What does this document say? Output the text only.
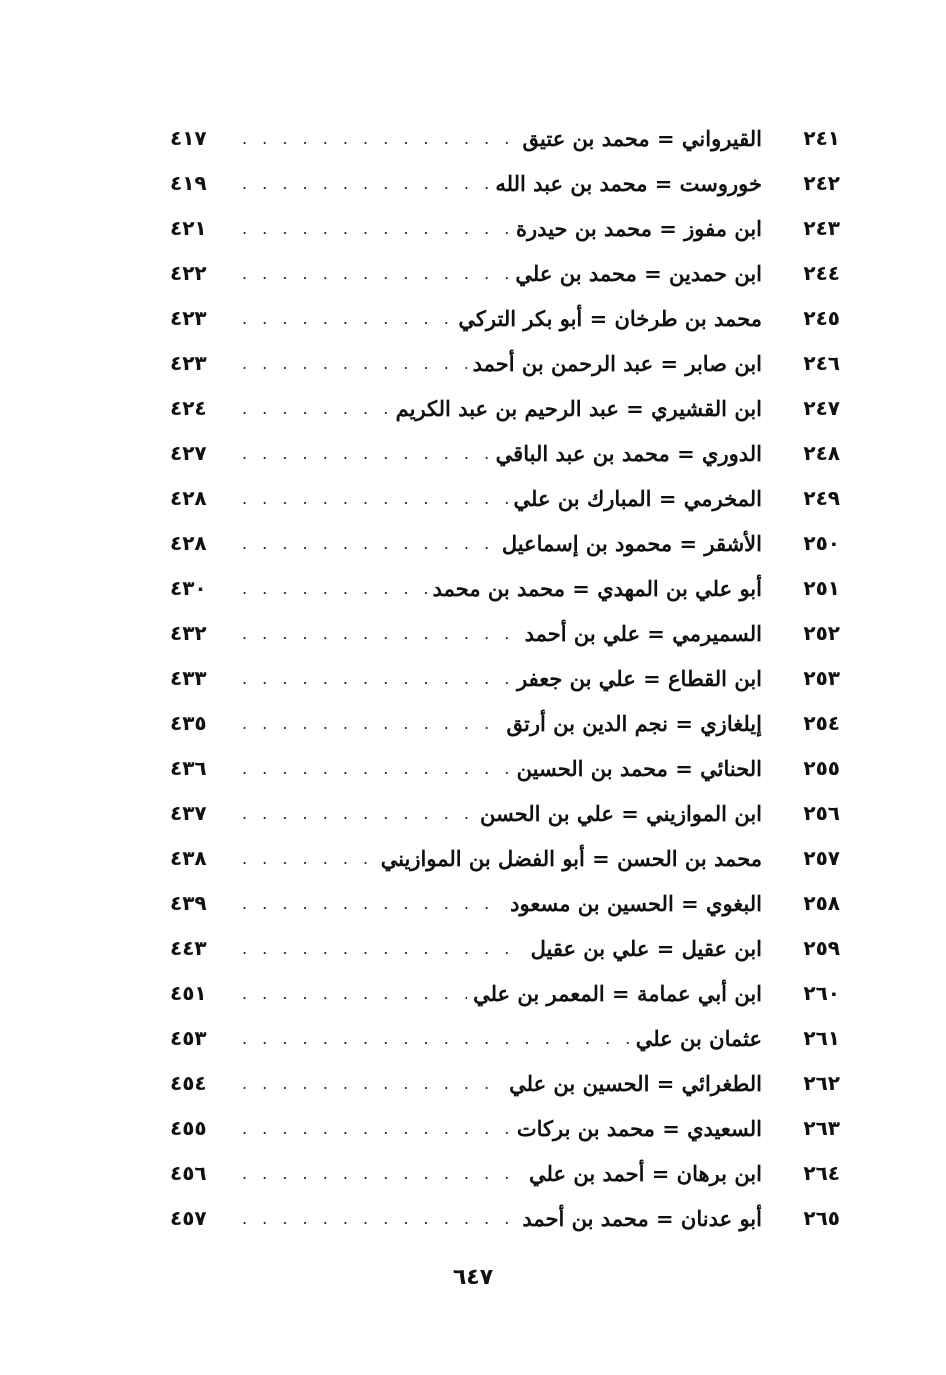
٢٤١
القيرواني = محمد بن عتيق
. . .
٤١٧
٢٤٢
خوروست = محمد بن عبد الله
. . .
٤١٩
٢٤٣
ابن مفوز = محمد بن حيدرة
. . .
٤٢١
٢٤٤
ابن حمدين = محمد بن علي
. . .
٤٢٢
٢٤٥
محمد بن طرخان = أبو بكر التركي
. . .
٤٢٣
٢٤٦
ابن صابر = عبد الرحمن بن أحمد
. . .
٤٢٣
٢٤٧
ابن القشيري = عبد الرحيم بن عبد الكريم
. . .
٤٢٤
٢٤٨
الدوري = محمد بن عبد الباقي
. . .
٤٢٧
٢٤٩
المخرمي = المبارك بن علي
. . .
٤٢٨
٢٥٠
الأشقر = محمود بن إسماعيل
. . .
٤٢٨
٢٥١
أبو علي بن المهدي = محمد بن محمد
. . .
٤٣٠
٢٥٢
السميرمي = علي بن أحمد
. . .
٤٣٢
٢٥٣
ابن القطاع = علي بن جعفر
. . .
٤٣٣
٢٥٤
إيلغازي = نجم الدين بن أرتق
. . .
٤٣٥
٢٥٥
الحنائي = محمد بن الحسين
. . .
٤٣٦
٢٥٦
ابن الموازيني = علي بن الحسن
. . .
٤٣٧
٢٥٧
محمد بن الحسن = أبو الفضل بن الموازيني
. . .
٤٣٨
٢٥٨
البغوي = الحسين بن مسعود
. . .
٤٣٩
٢٥٩
ابن عقيل = علي بن عقيل
. . .
٤٤٣
٢٦٠
ابن أبي عمامة = المعمر بن علي
. . .
٤٥١
٢٦١
عثمان بن علي
. . .
٤٥٣
٢٦٢
الطغرائي = الحسين بن علي
. . .
٤٥٤
٢٦٣
السعيدي = محمد بن بركات
. . .
٤٥٥
٢٦٤
ابن برهان = أحمد بن علي
. . .
٤٥٦
٢٦٥
أبو عدنان = محمد بن أحمد
. . .
٤٥٧
٦٤٧
